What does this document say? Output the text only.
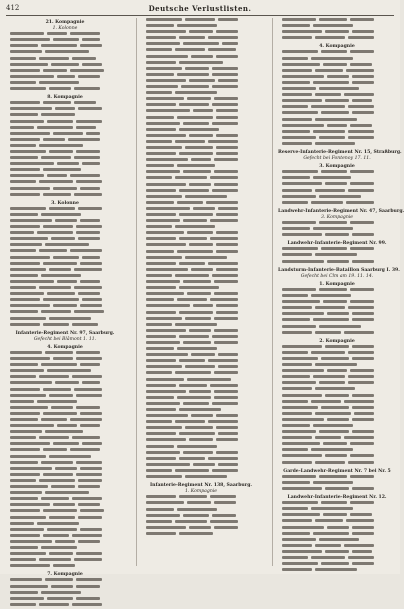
412	Deutsche Verlustlisten.

21. Kompagnie

1. Kolonne

8. Kompagnie

3. Kolonne

Infanterie-Regiment Nr. 97, Saarburg.

Gefecht bei Blâmont 1. 11.

4. Kompagnie

7. Kompagnie

Infanterie-Regiment Nr. 138, Saarburg.

1. Kompagnie

4. Kompagnie

Reserve-Infanterie-Regiment Nr. 15, Straßburg.

Gefecht bei Fontenoy 17. 11.

3. Kompagnie

Landwehr-Infanterie-Regiment Nr. 47, Saarburg.

3. Kompagnie

Landwehr-Infanterie-Regiment Nr. 99.

Landsturm-Infanterie-Bataillon Saarburg I. 39.

Gefecht bei Clm am 19. 11. 14.

1. Kompagnie

2. Kompagnie

Garde-Landwehr-Regiment Nr. 7 bei Nr. 5

Landwehr-Infanterie-Regiment Nr. 12.
